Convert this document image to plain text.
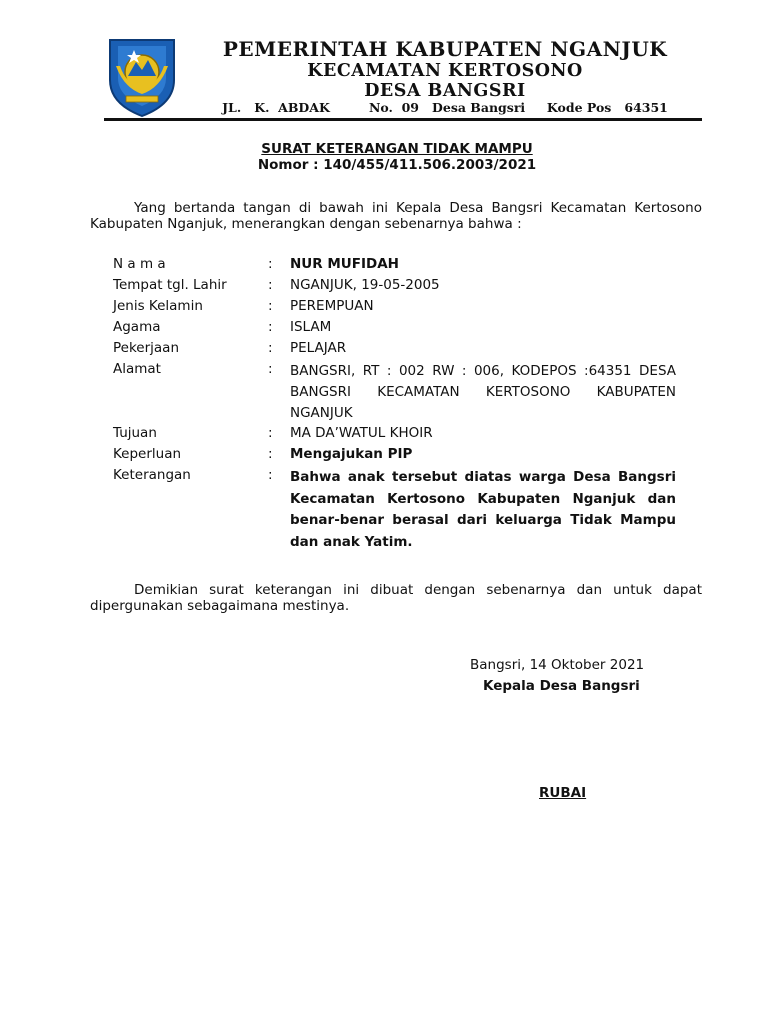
PEMERINTAH KABUPATEN NGANJUK
KECAMATAN KERTOSONO
DESA BANGSRI
JL.   K.  ABDAK         No.  09   Desa Bangsri     Kode Pos   64351
SURAT KETERANGAN TIDAK MAMPU
Nomor : 140/455/411.506.2003/2021
Yang bertanda tangan di bawah ini Kepala Desa Bangsri Kecamatan Kertosono Kabupaten Nganjuk, menerangkan dengan sebenarnya bahwa :
N a m a	: NUR MUFIDAH
Tempat tgl. Lahir	: NGANJUK, 19-05-2005
Jenis Kelamin	: PEREMPUAN
Agama	: ISLAM
Pekerjaan	: PELAJAR
Alamat	: BANGSRI, RT : 002 RW : 006, KODEPOS :64351 DESA BANGSRI KECAMATAN KERTOSONO KABUPATEN NGANJUK
Tujuan	: MA DA’WATUL KHOIR
Keperluan	: Mengajukan PIP
Keterangan	: Bahwa anak tersebut diatas warga Desa Bangsri Kecamatan Kertosono Kabupaten Nganjuk dan benar-benar berasal dari keluarga Tidak Mampu dan anak Yatim.
Demikian surat keterangan ini dibuat dengan sebenarnya dan untuk dapat dipergunakan sebagaimana mestinya.
Bangsri, 14 Oktober 2021
Kepala Desa Bangsri
RUBAI
